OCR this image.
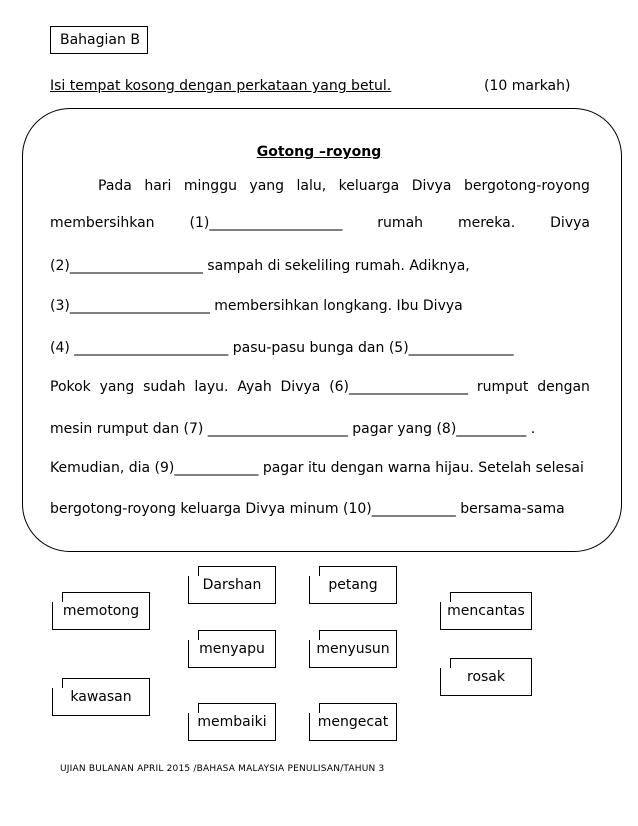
Bahagian B
Isi tempat kosong dengan perkataan yang betul.	(10 markah)
Gotong –royong
Pada hari minggu yang lalu, keluarga Divya bergotong-royong
membersihkan (1)___________________ rumah mereka. Divya
(2)___________________ sampah di sekeliling rumah. Adiknya,
(3)____________________ membersihkan longkang. Ibu Divya
(4) ______________________ pasu-pasu bunga dan (5)_______________
Pokok yang sudah layu. Ayah Divya (6)_________________ rumput dengan
mesin rumput dan (7) ____________________ pagar yang (8)__________ .
Kemudian, dia (9)____________ pagar itu dengan warna hijau. Setelah selesai
bergotong-royong keluarga Divya minum (10)____________ bersama-sama
Darshan	petang
memotong	mencantas
menyapu	menyusun
rosak
kawasan
membaiki	mengecat
UJIAN BULANAN APRIL 2015 /BAHASA MALAYSIA PENULISAN/TAHUN 3
